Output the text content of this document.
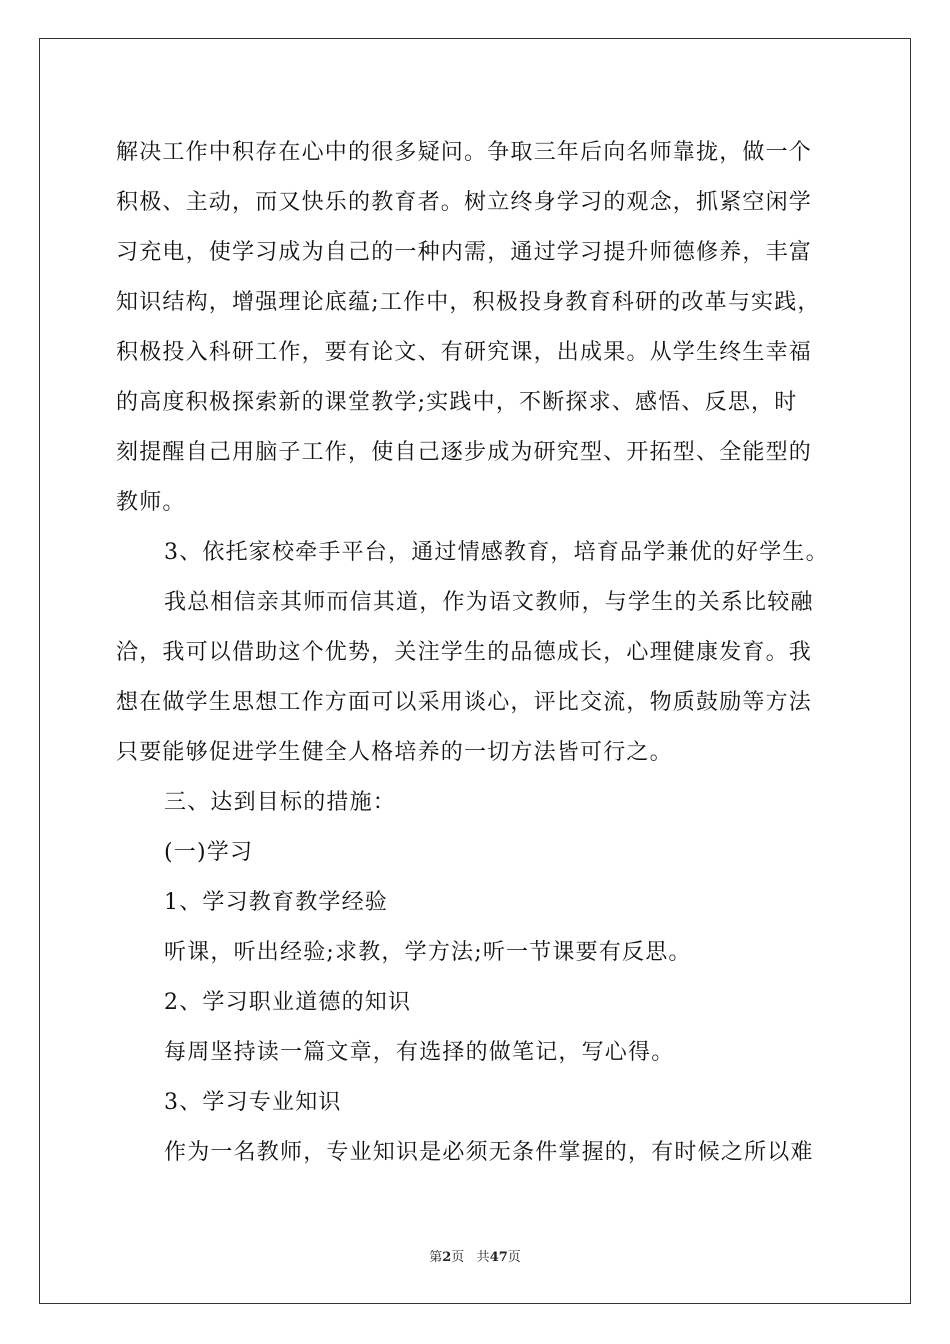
解决工作中积存在心中的很多疑问。争取三年后向名师靠拢，做一个
积极、主动，而又快乐的教育者。树立终身学习的观念，抓紧空闲学
习充电，使学习成为自己的一种内需，通过学习提升师德修养，丰富
知识结构，增强理论底蕴;工作中，积极投身教育科研的改革与实践，
积极投入科研工作，要有论文、有研究课，出成果。从学生终生幸福
的高度积极探索新的课堂教学;实践中，不断探求、感悟、反思，时
刻提醒自己用脑子工作，使自己逐步成为研究型、开拓型、全能型的
教师。
3、依托家校牵手平台，通过情感教育，培育品学兼优的好学生。
我总相信亲其师而信其道，作为语文教师，与学生的关系比较融
洽，我可以借助这个优势，关注学生的品德成长，心理健康发育。我
想在做学生思想工作方面可以采用谈心，评比交流，物质鼓励等方法
只要能够促进学生健全人格培养的一切方法皆可行之。
三、达到目标的措施：
(一)学习
1、学习教育教学经验
听课，听出经验;求教，学方法;听一节课要有反思。
2、学习职业道德的知识
每周坚持读一篇文章，有选择的做笔记，写心得。
3、学习专业知识
作为一名教师，专业知识是必须无条件掌握的，有时候之所以难
第2页 共47页
